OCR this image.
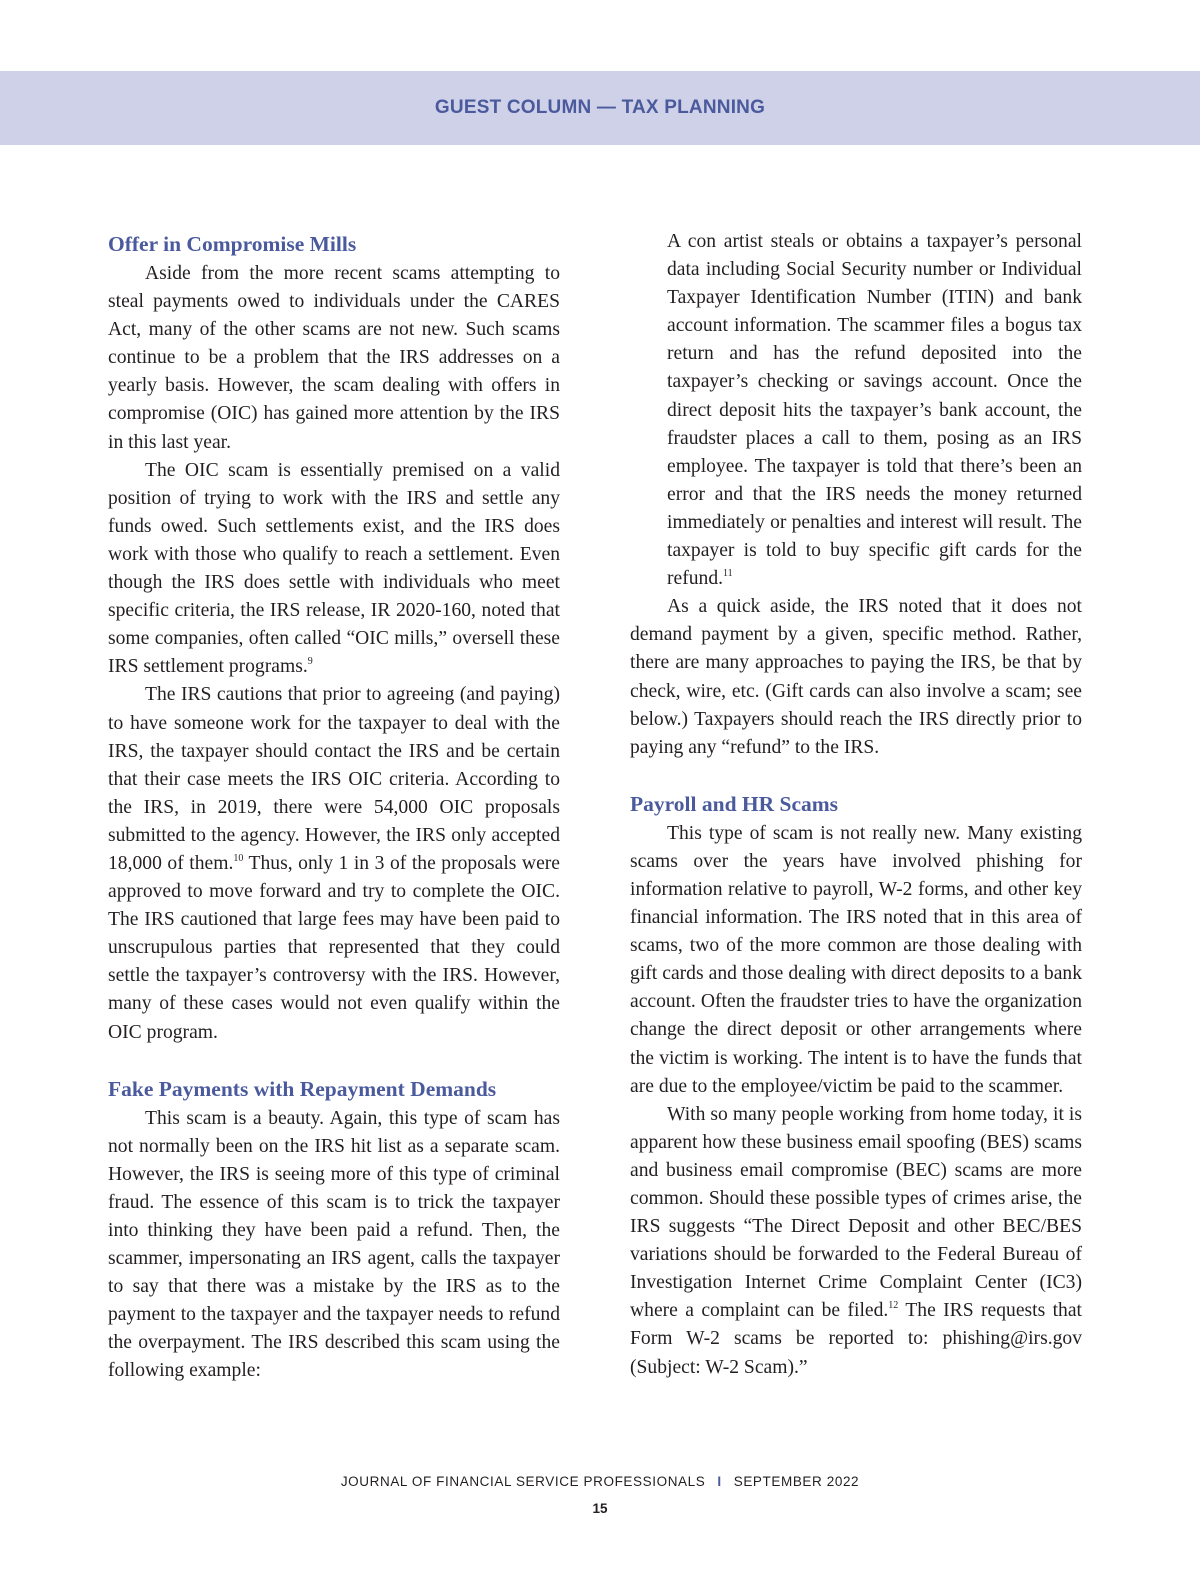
GUEST COLUMN — TAX PLANNING
Offer in Compromise Mills

Aside from the more recent scams attempting to steal payments owed to individuals under the CARES Act, many of the other scams are not new. Such scams continue to be a problem that the IRS addresses on a yearly basis. However, the scam dealing with offers in compromise (OIC) has gained more attention by the IRS in this last year.

The OIC scam is essentially premised on a valid position of trying to work with the IRS and settle any funds owed. Such settlements exist, and the IRS does work with those who qualify to reach a settlement. Even though the IRS does settle with individuals who meet specific criteria, the IRS release, IR 2020-160, noted that some companies, often called “OIC mills,” oversell these IRS settlement programs.$^9$

The IRS cautions that prior to agreeing (and paying) to have someone work for the taxpayer to deal with the IRS, the taxpayer should contact the IRS and be certain that their case meets the IRS OIC criteria. According to the IRS, in 2019, there were 54,000 OIC proposals submitted to the agency. However, the IRS only accepted 18,000 of them.$^{10}$ Thus, only 1 in 3 of the proposals were approved to move forward and try to complete the OIC. The IRS cautioned that large fees may have been paid to unscrupulous parties that represented that they could settle the taxpayer’s controversy with the IRS. However, many of these cases would not even qualify within the OIC program.

Fake Payments with Repayment Demands

This scam is a beauty. Again, this type of scam has not normally been on the IRS hit list as a separate scam. However, the IRS is seeing more of this type of criminal fraud. The essence of this scam is to trick the taxpayer into thinking they have been paid a refund. Then, the scammer, impersonating an IRS agent, calls the taxpayer to say that there was a mistake by the IRS as to the payment to the taxpayer and the taxpayer needs to refund the overpayment. The IRS described this scam using the following example:

A con artist steals or obtains a taxpayer’s personal data including Social Security number or Individual Taxpayer Identification Number (ITIN) and bank account information. The scammer files a bogus tax return and has the refund deposited into the taxpayer’s checking or savings account. Once the direct deposit hits the taxpayer’s bank account, the fraudster places a call to them, posing as an IRS employee. The taxpayer is told that there’s been an error and that the IRS needs the money returned immediately or penalties and interest will result. The taxpayer is told to buy specific gift cards for the refund.$^{11}$

As a quick aside, the IRS noted that it does not demand payment by a given, specific method. Rather, there are many approaches to paying the IRS, be that by check, wire, etc. (Gift cards can also involve a scam; see below.) Taxpayers should reach the IRS directly prior to paying any “refund” to the IRS.

Payroll and HR Scams

This type of scam is not really new. Many existing scams over the years have involved phishing for information relative to payroll, W-2 forms, and other key financial information. The IRS noted that in this area of scams, two of the more common are those dealing with gift cards and those dealing with direct deposits to a bank account. Often the fraudster tries to have the organization change the direct deposit or other arrangements where the victim is working. The intent is to have the funds that are due to the employee/victim be paid to the scammer.

With so many people working from home today, it is apparent how these business email spoofing (BES) scams and business email compromise (BEC) scams are more common. Should these possible types of crimes arise, the IRS suggests “The Direct Deposit and other BEC/BES variations should be forwarded to the Federal Bureau of Investigation Internet Crime Complaint Center (IC3) where a complaint can be filed.$^{12}$ The IRS requests that Form W-2 scams be reported to: phishing@irs.gov (Subject: W-2 Scam).”

JOURNAL OF FINANCIAL SERVICE PROFESSIONALS I SEPTEMBER 2022
15
